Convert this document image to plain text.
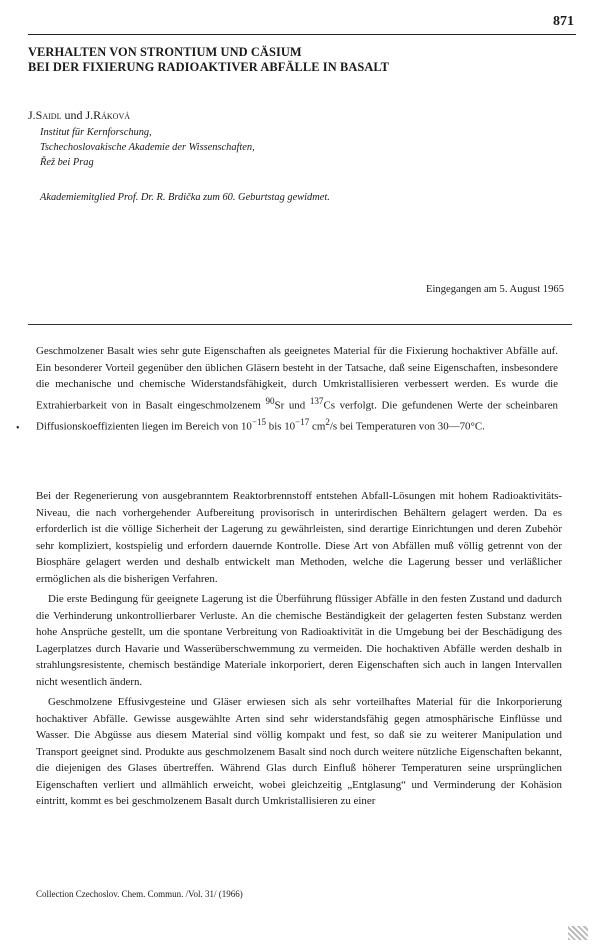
871
VERHALTEN VON STRONTIUM UND CÄSIUM
BEI DER FIXIERUNG RADIOAKTIVER ABFÄLLE IN BASALT
J.Saidl und J.Ráková
Institut für Kernforschung,
Tschechoslovakische Akademie der Wissenschaften,
Řež bei Prag
Akademiemitglied Prof. Dr. R. Brdička zum 60. Geburtstag gewidmet.
Eingegangen am 5. August 1965
•

Geschmolzener Basalt wies sehr gute Eigenschaften als geeignetes Material für die Fixierung hochaktiver Abfälle auf. Ein besonderer Vorteil gegenüber den üblichen Gläsern besteht in der Tatsache, daß seine Eigenschaften, insbesondere die mechanische und chemische Widerstandsfähigkeit, durch Umkristallisieren verbessert werden. Es wurde die Extrahierbarkeit von in Basalt eingeschmolzenem $^{90}$Sr und $^{137}$Cs verfolgt. Die gefundenen Werte der scheinbaren Diffusionskoeffizienten liegen im Bereich von $10^{-15}$ bis $10^{-17}$ $cm^2/s$ bei Temperaturen von 30—70°C.

Bei der Regenerierung von ausgebranntem Reaktorbrennstoff entstehen Abfall-Lösungen mit hohem Radioaktivitäts-Niveau, die nach vorhergehender Aufbereitung provisorisch in unterirdischen Behältern gelagert werden. Da es erforderlich ist die völlige Sicherheit der Lagerung zu gewährleisten, sind derartige Einrichtungen und deren Zubehör sehr kompliziert, kostspielig und erfordern dauernde Kontrolle. Diese Art von Abfällen muß völlig getrennt von der Biosphäre gelagert werden und deshalb entwickelt man Methoden, welche die Lagerung besser und verläßlicher ermöglichen als die bisherigen Verfahren.

Die erste Bedingung für geeignete Lagerung ist die Überführung flüssiger Abfälle in den festen Zustand und dadurch die Verhinderung unkontrollierbarer Verluste. An die chemische Beständigkeit der gelagerten festen Substanz werden hohe Ansprüche gestellt, um die spontane Verbreitung von Radioaktivität in die Umgebung bei der Beschädigung des Lagerplatzes durch Havarie und Wasserüberschwemmung zu vermeiden. Die hochaktiven Abfälle werden deshalb in strahlungsresistente, chemisch beständige Materiale inkorporiert, deren Eigenschaften sich auch in langen Intervallen nicht wesentlich ändern.

Geschmolzene Effusivgesteine und Gläser erwiesen sich als sehr vorteilhaftes Material für die Inkorporierung hochaktiver Abfälle. Gewisse ausgewählte Arten sind sehr widerstandsfähig gegen atmosphärische Einflüsse und Wasser. Die Abgüsse aus diesem Material sind völlig kompakt und fest, so daß sie zu weiterer Manipulation und Transport geeignet sind. Produkte aus geschmolzenem Basalt sind noch durch weitere nützliche Eigenschaften bekannt, die diejenigen des Glases übertreffen. Während Glas durch Einfluß höherer Temperaturen seine ursprünglichen Eigenschaften verliert und allmählich erweicht, wobei gleichzeitig „Entglasung“ und Verminderung der Kohäsion eintritt, kommt es bei geschmolzenem Basalt durch Umkristallisieren zu einer

Collection Czechoslov. Chem. Commun. /Vol. 31/ (1966)
